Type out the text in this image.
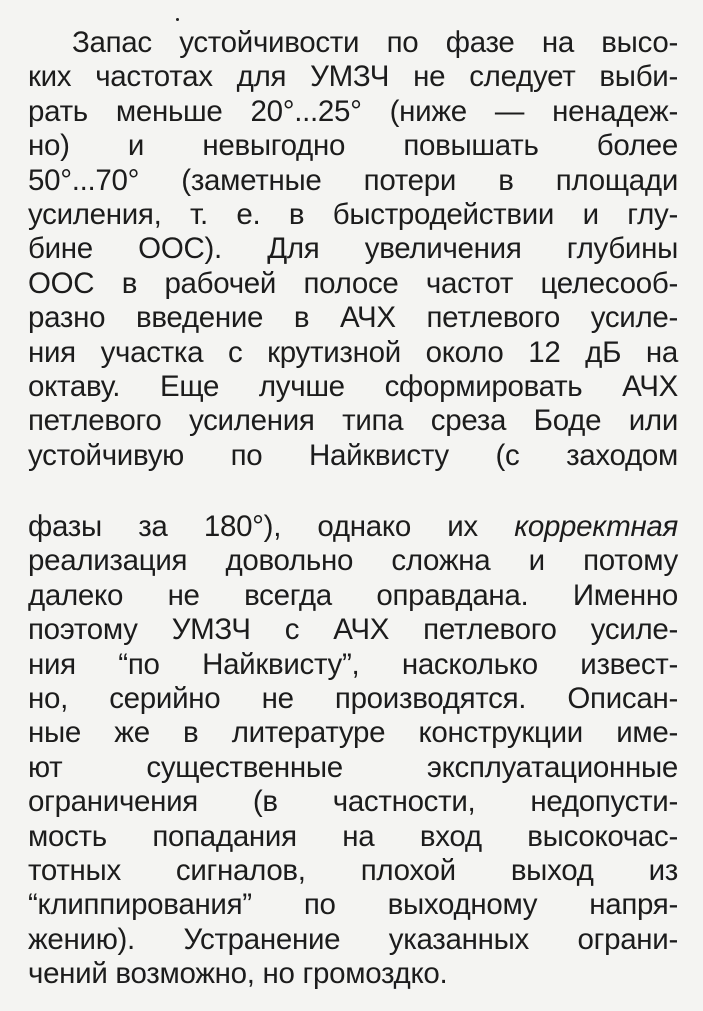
Запас устойчивости по фазе на высо-
ких частотах для УМЗЧ не следует выби-
рать меньше 20°...25° (ниже — ненадеж-
но) и невыгодно повышать более
50°...70° (заметные потери в площади
усиления, т. е. в быстродействии и глу-
бине ООС). Для увеличения глубины
ООС в рабочей полосе частот целесооб-
разно введение в АЧХ петлевого усиле-
ния участка с крутизной около 12 дБ на
октаву. Еще лучше сформировать АЧХ
петлевого усиления типа среза Боде или
устойчивую по Найквисту (с заходом
фазы за 180°), однако их корректная
реализация довольно сложна и потому
далеко не всегда оправдана. Именно
поэтому УМЗЧ с АЧХ петлевого усиле-
ния “по Найквисту”, насколько извест-
но, серийно не производятся. Описан-
ные же в литературе конструкции име-
ют существенные эксплуатационные
ограничения (в частности, недопусти-
мость попадания на вход высокочас-
тотных сигналов, плохой выход из
“клиппирования” по выходному напря-
жению). Устранение указанных ограни-
чений возможно, но громоздко.
